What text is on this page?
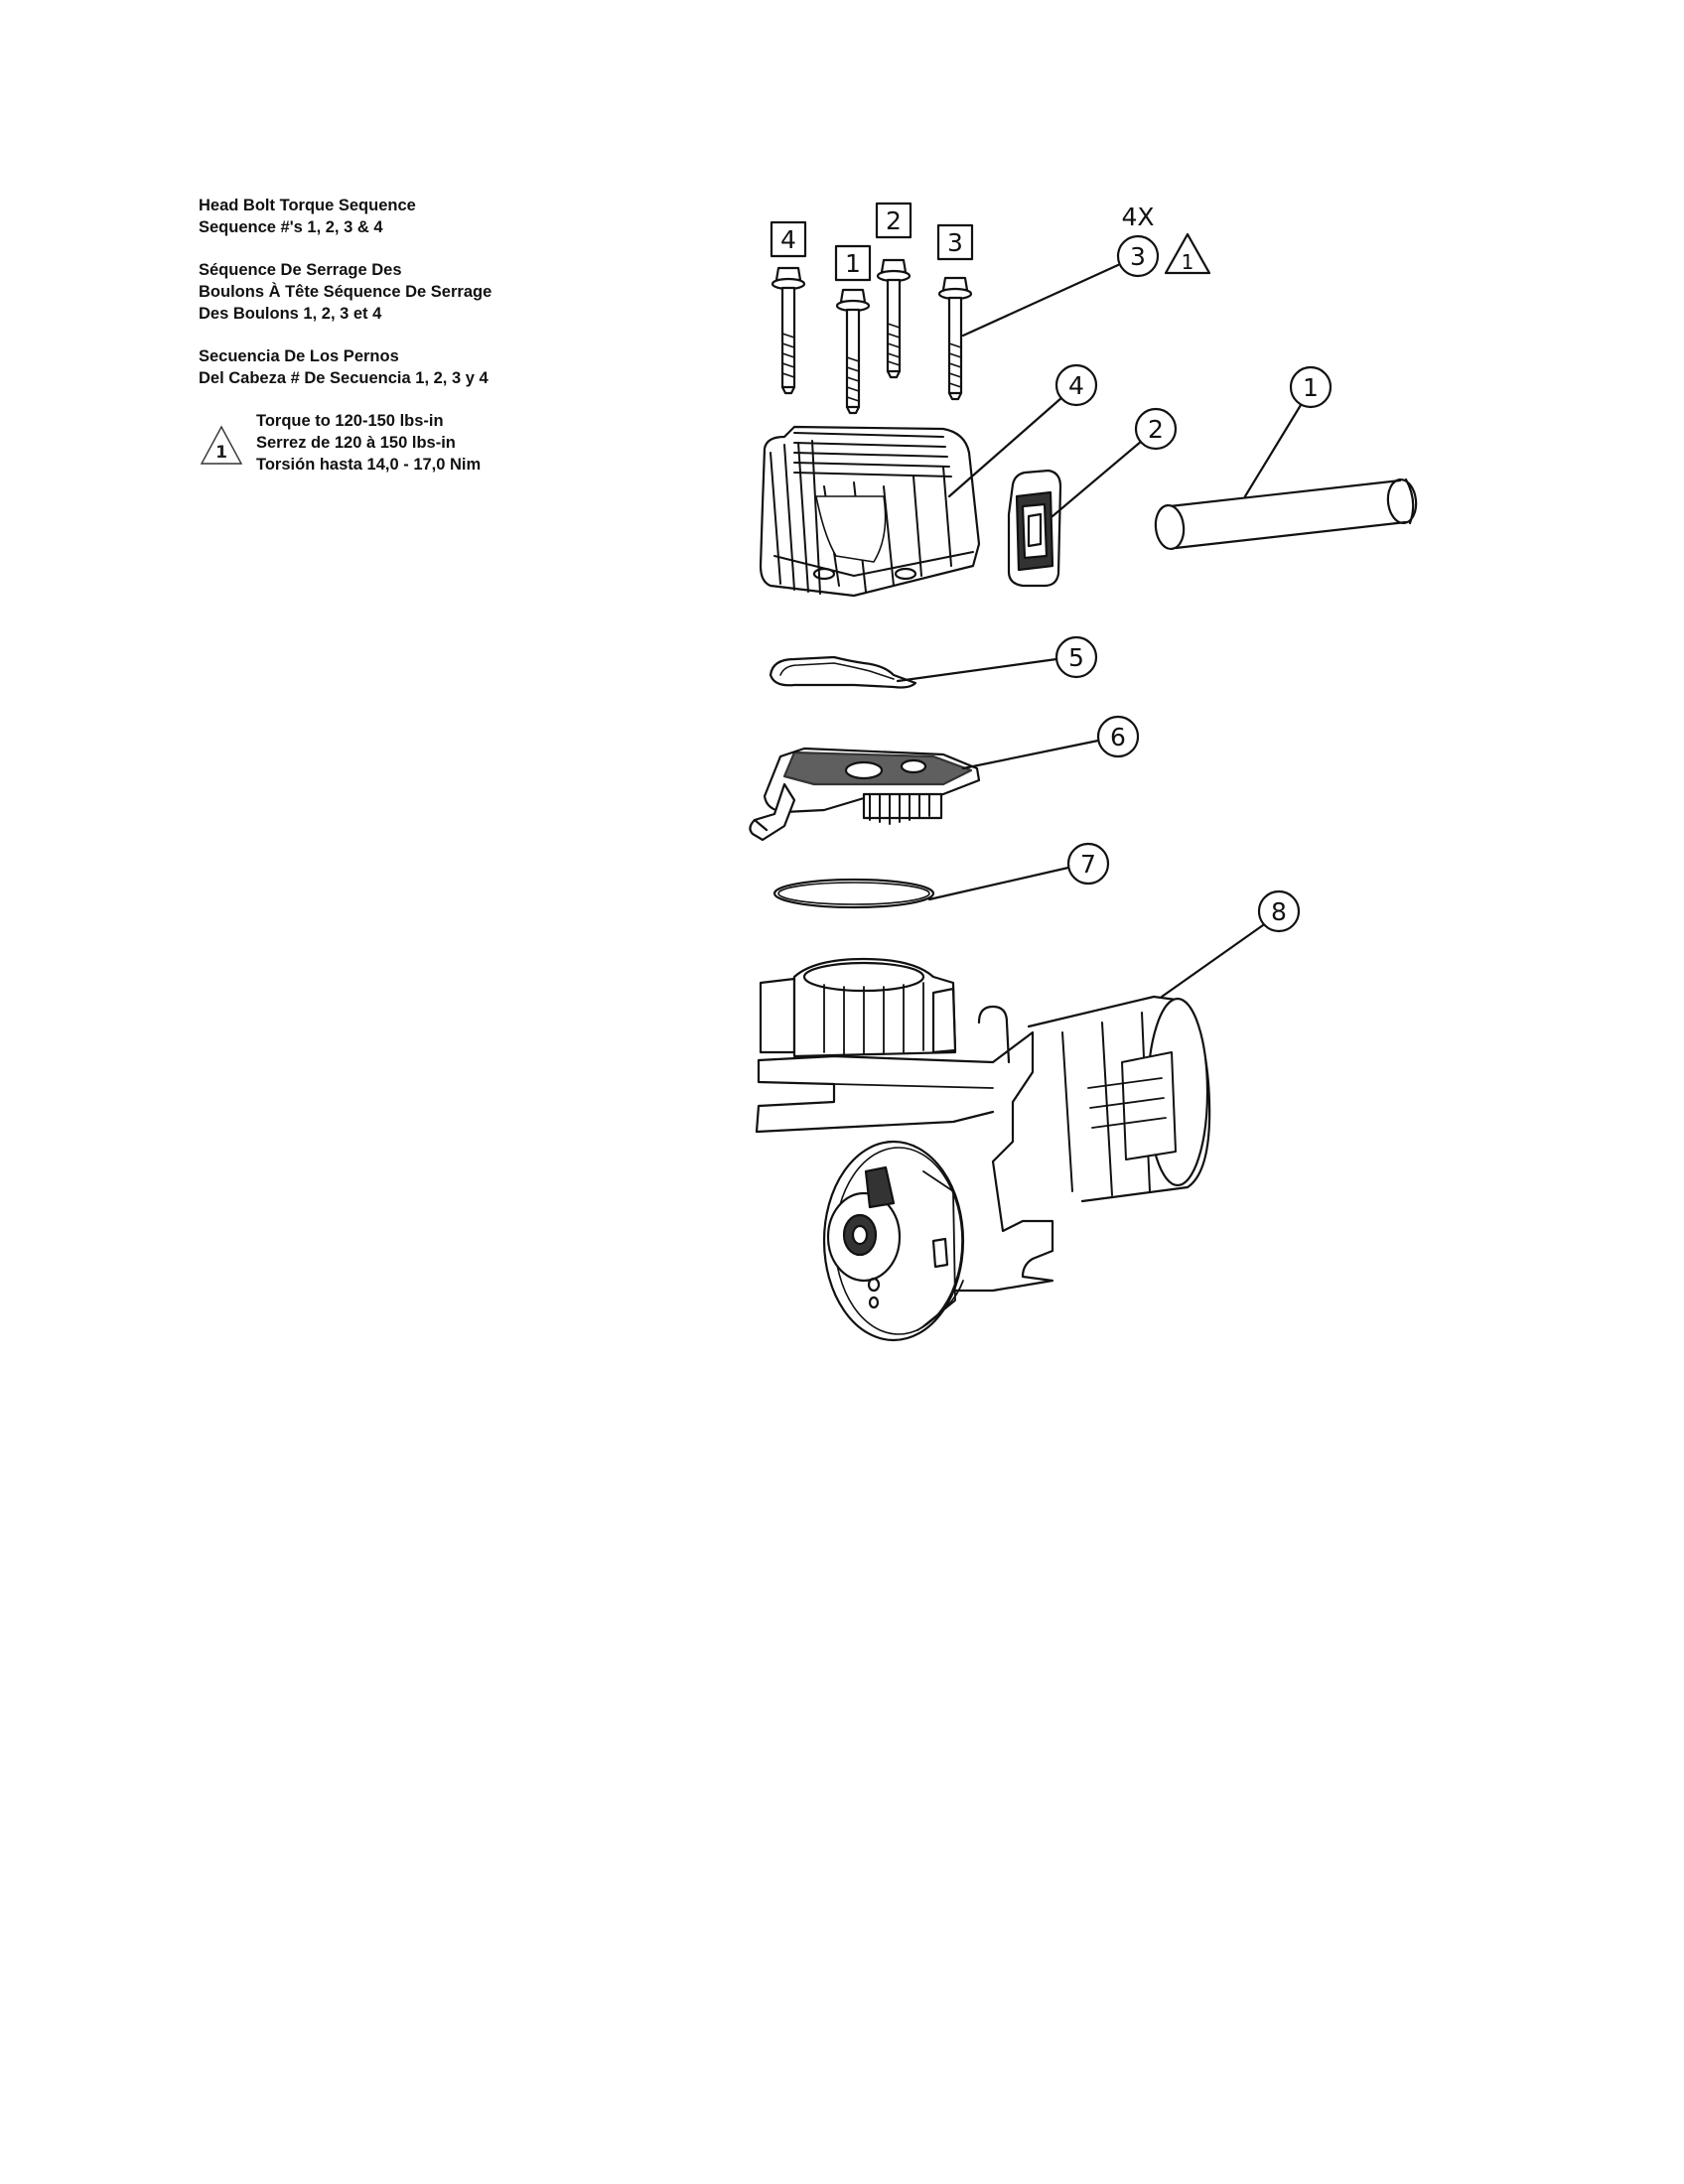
Head Bolt Torque Sequence
Sequence #'s 1, 2, 3 & 4
Séquence De Serrage Des
Boulons À Tête Séquence De Serrage
Des Boulons 1, 2, 3 et 4
Secuencia De Los Pernos
Del Cabeza # De Secuencia 1, 2, 3 y 4
1
Torque to 120-150 lbs-in
Serrez de 120 à 150 lbs-in
Torsión hasta 14,0 - 17,0 Nim
4
1
2
3
4X
1
3
4
2
1
5
6
7
8
